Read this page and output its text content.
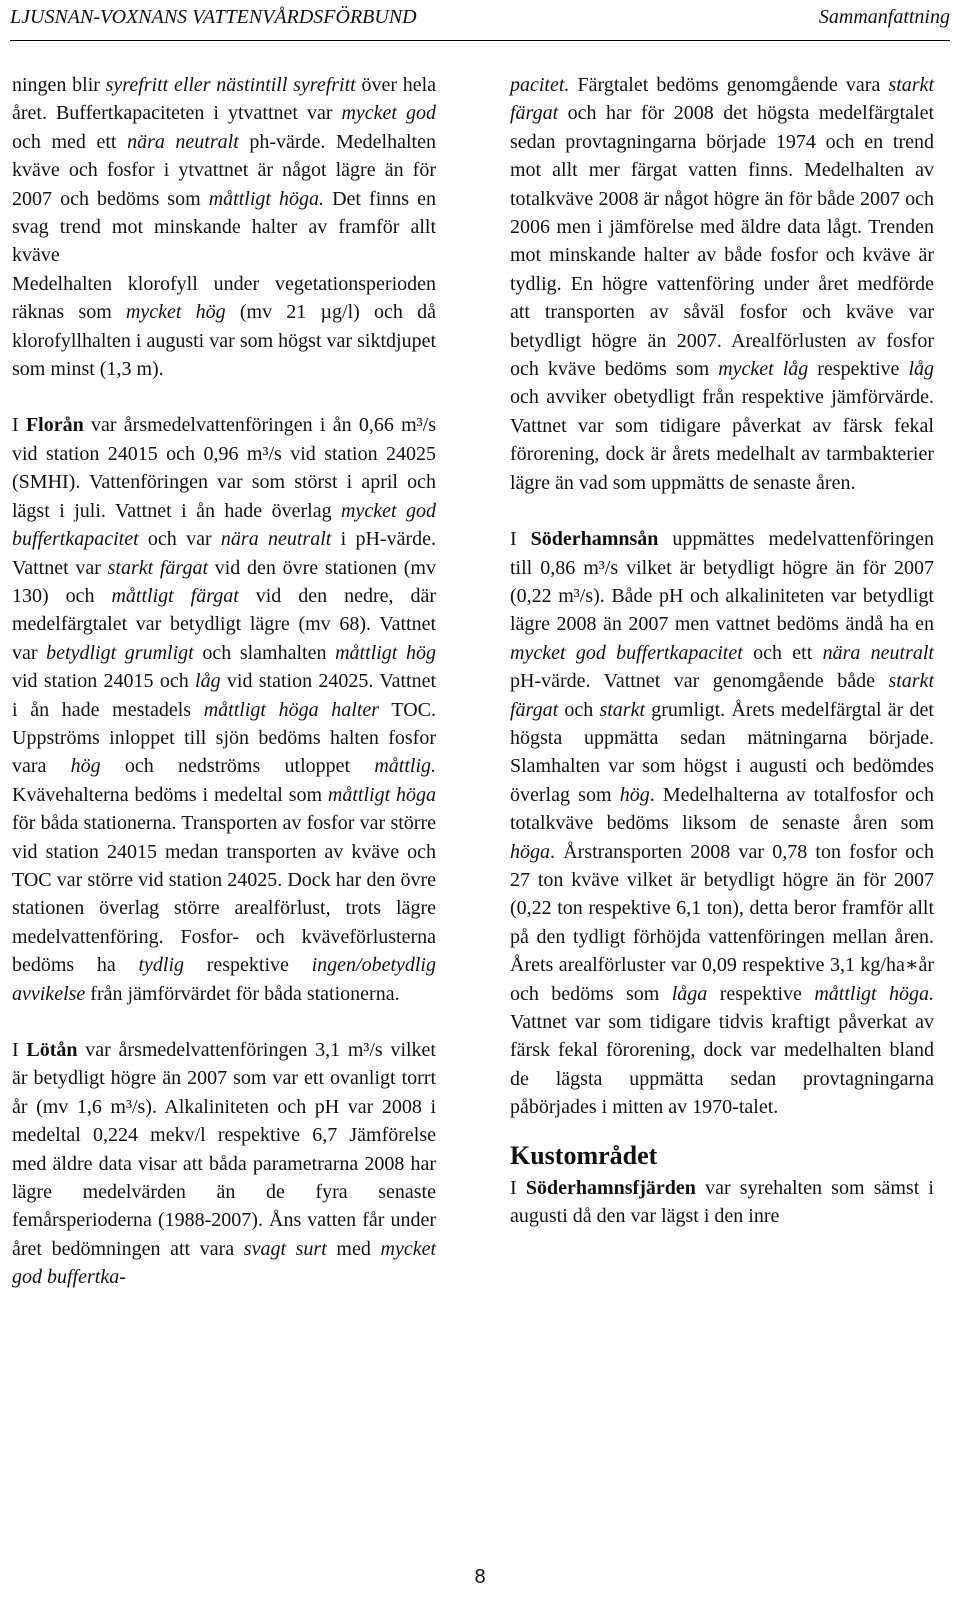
LJUSNAN-VOXNANS VATTENVÅRDSFÖRBUND	Sammanfattning

ningen blir syrefritt eller nästintill syrefritt över hela året. Buffertkapaciteten i ytvattnet var mycket god och med ett nära neutralt ph-värde. Medelhalten kväve och fosfor i ytvattnet är något lägre än för 2007 och bedöms som måttligt höga. Det finns en svag trend mot minskande halter av framför allt kväve

Medelhalten klorofyll under vegetationsperioden räknas som mycket hög (mv 21 µg/l) och då klorofyllhalten i augusti var som högst var siktdjupet som minst (1,3 m).

I Florån var årsmedelvattenföringen i ån 0,66 m³/s vid station 24015 och 0,96 m³/s vid station 24025 (SMHI). Vattenföringen var som störst i april och lägst i juli. Vattnet i ån hade överlag mycket god buffertkapacitet och var nära neutralt i pH-värde. Vattnet var starkt färgat vid den övre stationen (mv 130) och måttligt färgat vid den nedre, där medelfärgtalet var betydligt lägre (mv 68). Vattnet var betydligt grumligt och slamhalten måttligt hög vid station 24015 och låg vid station 24025. Vattnet i ån hade mestadels måttligt höga halter TOC. Uppströms inloppet till sjön bedöms halten fosfor vara hög och nedströms utloppet måttlig. Kvävehalterna bedöms i medeltal som måttligt höga för båda stationerna. Transporten av fosfor var större vid station 24015 medan transporten av kväve och TOC var större vid station 24025. Dock har den övre stationen överlag större arealförlust, trots lägre medelvattenföring. Fosfor- och kväveförlusterna bedöms ha tydlig respektive ingen/obetydlig avvikelse från jämförvärdet för båda stationerna.

I Lötån var årsmedelvattenföringen 3,1 m³/s vilket är betydligt högre än 2007 som var ett ovanligt torrt år (mv 1,6 m³/s). Alkaliniteten och pH var 2008 i medeltal 0,224 mekv/l respektive 6,7 Jämförelse med äldre data visar att båda parametrarna 2008 har lägre medelvärden än de fyra senaste femårsperioderna (1988-2007). Åns vatten får under året bedömningen att vara svagt surt med mycket god buffertka-

pacitet. Färgtalet bedöms genomgående vara starkt färgat och har för 2008 det högsta medelfärgtalet sedan provtagningarna började 1974 och en trend mot allt mer färgat vatten finns. Medelhalten av totalkväve 2008 är något högre än för både 2007 och 2006 men i jämförelse med äldre data lågt. Trenden mot minskande halter av både fosfor och kväve är tydlig. En högre vattenföring under året medförde att transporten av såväl fosfor och kväve var betydligt högre än 2007. Arealförlusten av fosfor och kväve bedöms som mycket låg respektive låg och avviker obetydligt från respektive jämförvärde. Vattnet var som tidigare påverkat av färsk fekal förorening, dock är årets medelhalt av tarmbakterier lägre än vad som uppmätts de senaste åren.

I Söderhamnsån uppmättes medelvattenföringen till 0,86 m³/s vilket är betydligt högre än för 2007 (0,22 m³/s). Både pH och alkaliniteten var betydligt lägre 2008 än 2007 men vattnet bedöms ändå ha en mycket god buffertkapacitet och ett nära neutralt pH-värde. Vattnet var genomgående både starkt färgat och starkt grumligt. Årets medelfärgtal är det högsta uppmätta sedan mätningarna började. Slamhalten var som högst i augusti och bedömdes överlag som hög. Medelhalterna av totalfosfor och totalkväve bedöms liksom de senaste åren som höga. Årstransporten 2008 var 0,78 ton fosfor och 27 ton kväve vilket är betydligt högre än för 2007 (0,22 ton respektive 6,1 ton), detta beror framför allt på den tydligt förhöjda vattenföringen mellan åren. Årets arealförluster var 0,09 respektive 3,1 kg/ha∗år och bedöms som låga respektive måttligt höga. Vattnet var som tidigare tidvis kraftigt påverkat av färsk fekal förorening, dock var medelhalten bland de lägsta uppmätta sedan provtagningarna påbörjades i mitten av 1970-talet.

Kustområdet

I Söderhamnsfjärden var syrehalten som sämst i augusti då den var lägst i den inre

8
